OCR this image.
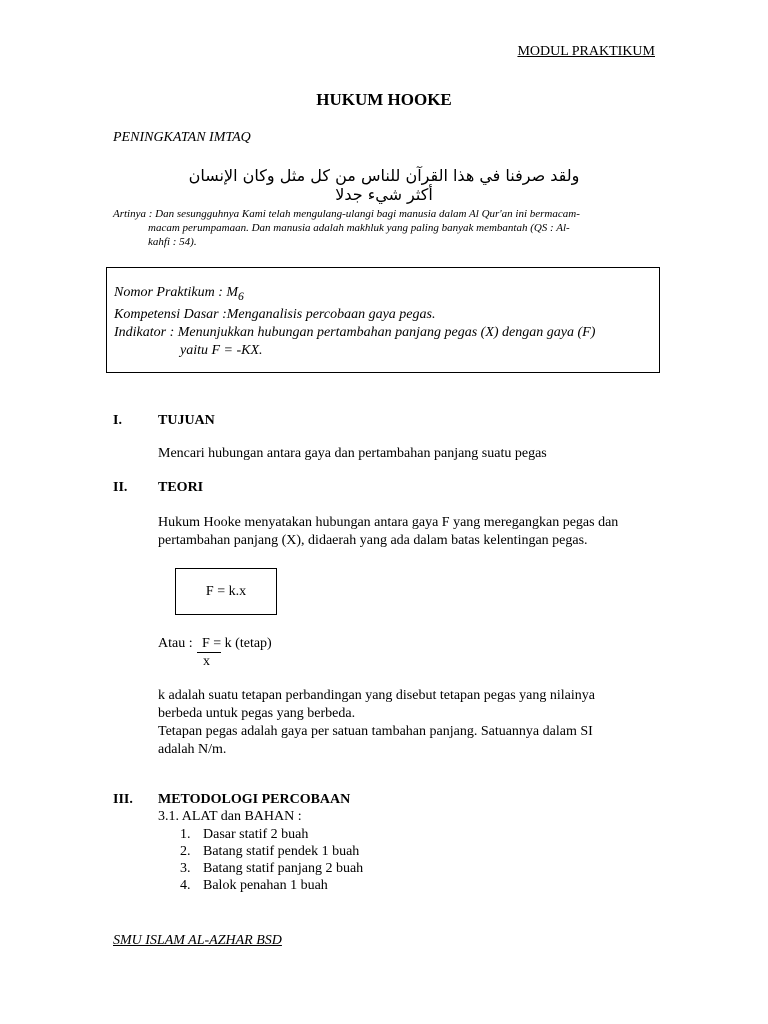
MODUL PRAKTIKUM
HUKUM HOOKE
PENINGKATAN IMTAQ
ولقد صرفنا في هذا القرآن للناس من كل مثل وكان الإنسان أكثر شيء جدلا
Artinya : Dan sesungguhnya Kami telah mengulang-ulangi bagi manusia dalam Al Qur'an ini bermacam-
macam perumpamaan. Dan manusia adalah makhluk yang paling banyak membantah (QS : Al-
kahfi : 54).
Nomor Praktikum : $M_6$
Kompetensi Dasar :Menganalisis percobaan gaya pegas.
Indikator : Menunjukkan hubungan pertambahan panjang pegas (X) dengan gaya (F)
yaitu F = -KX.
I.	TUJUAN
Mencari hubungan antara gaya dan pertambahan panjang suatu pegas
II. TEORI
Hukum Hooke menyatakan hubungan antara gaya F yang meregangkan pegas dan
pertambahan panjang (X), didaerah yang ada dalam batas kelentingan pegas.
F = k.x
Atau : F = k (tetap)
x
k adalah suatu tetapan perbandingan yang disebut tetapan pegas yang nilainya
berbeda untuk pegas yang berbeda.
Tetapan pegas adalah gaya per satuan tambahan panjang. Satuannya dalam SI
adalah N/m.
III. METODOLOGI PERCOBAAN
3.1. ALAT dan BAHAN :
1. Dasar statif 2 buah
2. Batang statif pendek 1 buah
3. Batang statif panjang 2 buah
4. Balok penahan 1 buah
SMU ISLAM AL-AZHAR BSD
